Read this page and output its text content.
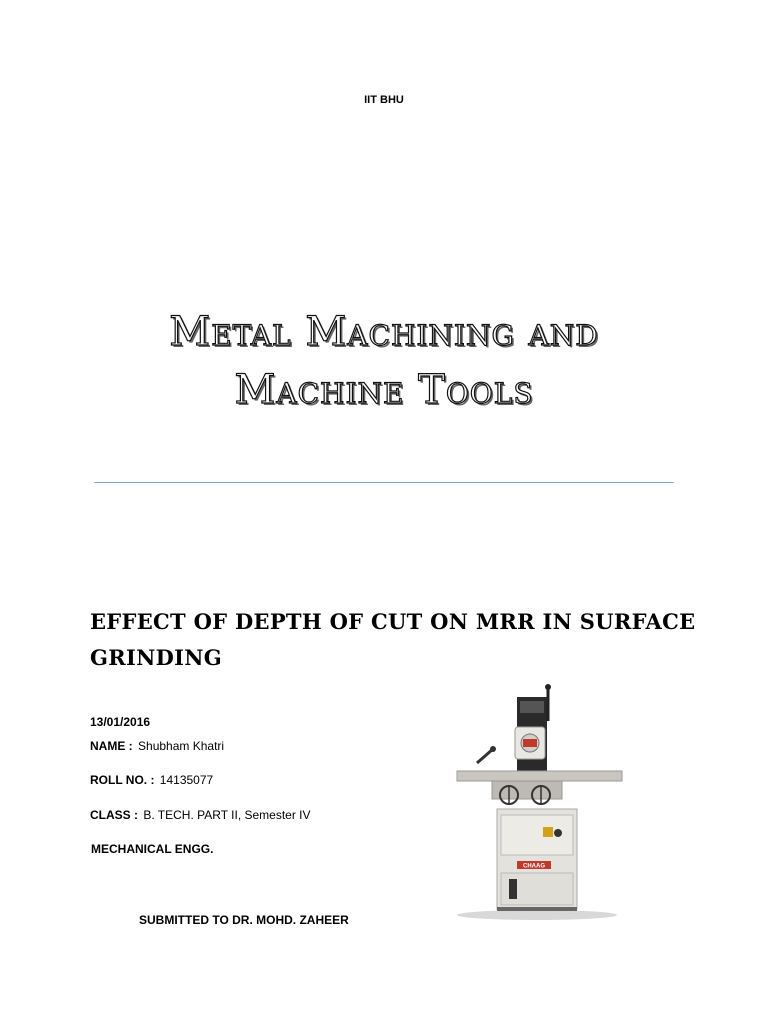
IIT BHU
Metal Machining and
Machine Tools
EFFECT OF DEPTH OF CUT ON MRR IN SURFACE
GRINDING
13/01/2016
NAME : Shubham Khatri
ROLL NO. : 14135077
CLASS : B. TECH. PART II, Semester IV
MECHANICAL ENGG.
SUBMITTED TO DR. MOHD. ZAHEER
CHAAG
